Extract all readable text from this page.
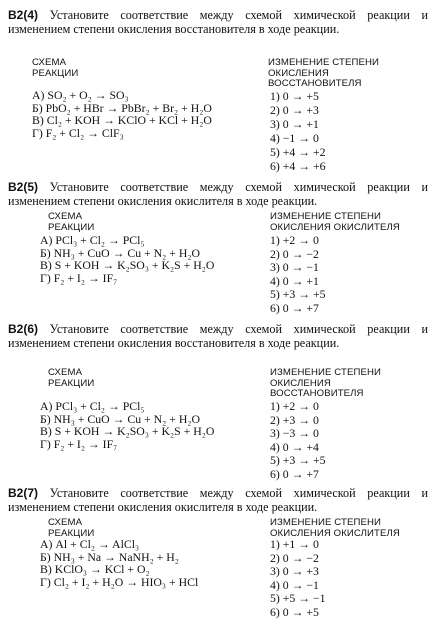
B2(4) Установите соответствие между схемой химической реакции и изменением степени окисления восстановителя в ходе реакции.
СХЕМА
РЕАКЦИИ
ИЗМЕНЕНИЕ СТЕПЕНИ
ОКИСЛЕНИЯ
ВОССТАНОВИТЕЛЯ
А) SO₂ + O₂ → SO₃
Б) PbO₂ + HBr → PbBr₂ + Br₂ + H₂O
В) Cl₂ + KOH → KClO + KCl + H₂O
Г) F₂ + Cl₂ → ClF₃
1) 0 → +5
2) 0 → +3
3) 0 → +1
4) −1 → 0
5) +4 → +2
6) +4 → +6
B2(5) Установите соответствие между схемой химической реакции и изменением степени окисления окислителя в ходе реакции.
СХЕМА
РЕАКЦИИ
ИЗМЕНЕНИЕ СТЕПЕНИ
ОКИСЛЕНИЯ ОКИСЛИТЕЛЯ
А) PCl₃ + Cl₂ → PCl₅
Б) NH₃ + CuO → Cu + N₂ + H₂O
В) S + KOH → K₂SO₃ + K₂S + H₂O
Г) F₂ + I₂ → IF₇
1) +2 → 0
2) 0 → −2
3) 0 → −1
4) 0 → +1
5) +3 → +5
6) 0 → +7
B2(6) Установите соответствие между схемой химической реакции и изменением степени окисления восстановителя в ходе реакции.
СХЕМА
РЕАКЦИИ
ИЗМЕНЕНИЕ СТЕПЕНИ
ОКИСЛЕНИЯ
ВОССТАНОВИТЕЛЯ
А) PCl₃ + Cl₂ → PCl₅
Б) NH₃ + CuO → Cu + N₂ + H₂O
В) S + KOH → K₂SO₃ + K₂S + H₂O
Г) F₂ + I₂ → IF₇
1) +2 → 0
2) +3 → 0
3) −3 → 0
4) 0 → +4
5) +3 → +5
6) 0 → +7
B2(7) Установите соответствие между схемой химической реакции и изменением степени окисления окислителя в ходе реакции.
СХЕМА
РЕАКЦИИ
ИЗМЕНЕНИЕ СТЕПЕНИ
ОКИСЛЕНИЯ ОКИСЛИТЕЛЯ
А) Al + Cl₂ → AlCl₃
Б) NH₃ + Na → NaNH₂ + H₂
В) KClO₃ → KCl + O₂
Г) Cl₂ + I₂ + H₂O → HIO₃ + HCl
1) +1 → 0
2) 0 → −2
3) 0 → +3
4) 0 → −1
5) +5 → −1
6) 0 → +5
